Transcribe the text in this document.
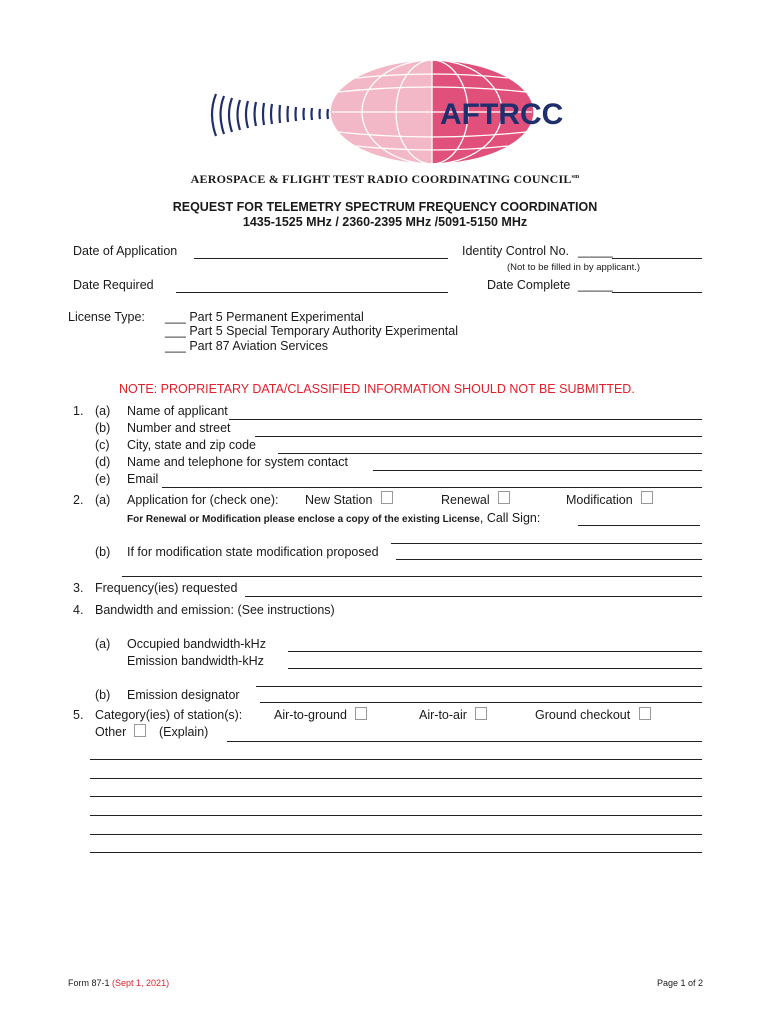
AFTRCC
AEROSPACE & FLIGHT TEST RADIO COORDINATING $COUNCIL^{sm}$
REQUEST FOR TELEMETRY SPECTRUM FREQUENCY COORDINATION
1435-1525 MHz / 2360-2395 MHz /5091-5150 MHz
Date of Application	Identity Control No. _____
(Not to be filled in by applicant.)
Date Required	Date Complete _____
License Type: ___ Part 5 Permanent Experimental
___ Part 5 Special Temporary Authority Experimental
___ Part 87 Aviation Services
NOTE: PROPRIETARY DATA/CLASSIFIED INFORMATION SHOULD NOT BE SUBMITTED.
1. (a) Name of applicant
(b) Number and street
(c) City, state and zip code
(d) Name and telephone for system contact
(e) Email
2. (a) Application for (check one): New Station	Renewal	Modification
For Renewal or Modification please enclose a copy of the existing License, Call Sign:
(b) If for modification state modification proposed
3. Frequency(ies) requested
4. Bandwidth and emission: (See instructions)
(a) Occupied bandwidth-kHz
Emission bandwidth-kHz
(b) Emission designator
5. Category(ies) of station(s):	Air-to-ground	Air-to-air	Ground checkout
Other	(Explain)
Form 87-1 (Sept 1, 2021)	Page 1 of 2
